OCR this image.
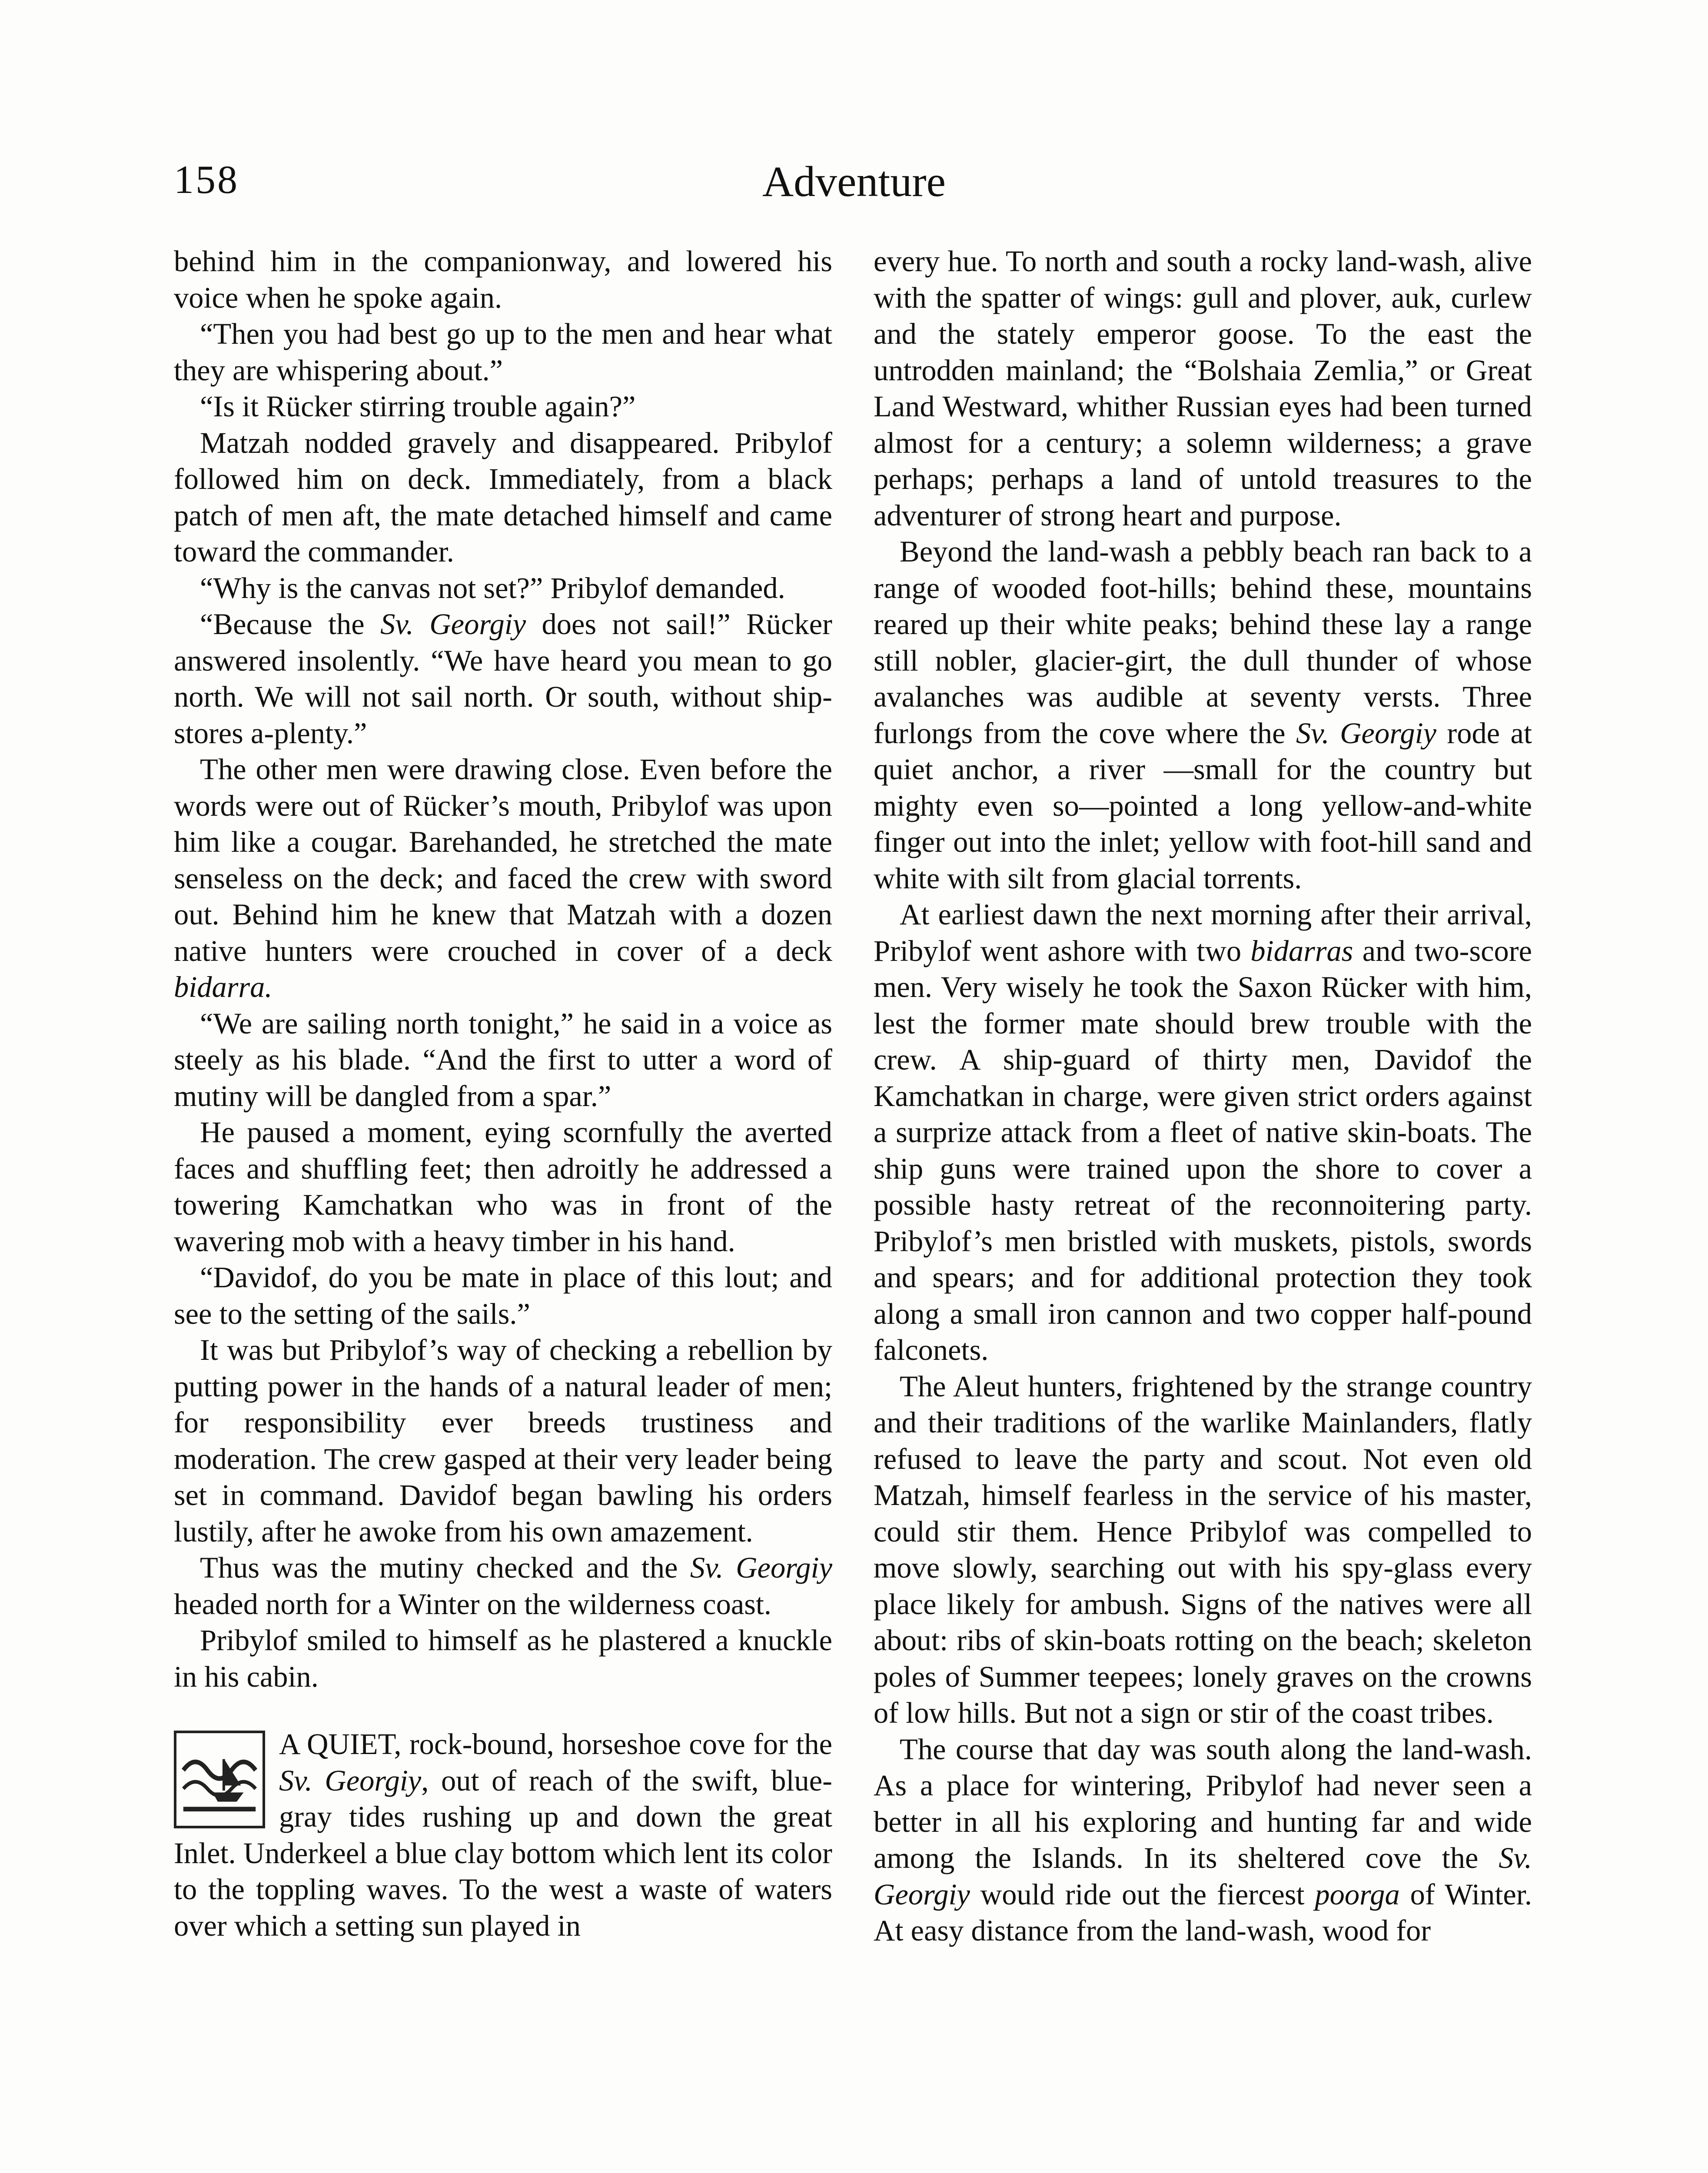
158	Adventure

behind him in the companionway, and lowered his voice when he spoke again.

“Then you had best go up to the men and hear what they are whispering about.”

“Is it Rücker stirring trouble again?”

Matzah nodded gravely and disappeared. Pribylof followed him on deck. Immediately, from a black patch of men aft, the mate detached himself and came toward the commander.

“Why is the canvas not set?” Pribylof demanded.

“Because the Sv. Georgiy does not sail!” Rücker answered insolently. “We have heard you mean to go north. We will not sail north. Or south, without ship-stores a-plenty.”

The other men were drawing close. Even before the words were out of Rücker’s mouth, Pribylof was upon him like a cougar. Barehanded, he stretched the mate senseless on the deck; and faced the crew with sword out. Behind him he knew that Matzah with a dozen native hunters were crouched in cover of a deck bidarra.

“We are sailing north tonight,” he said in a voice as steely as his blade. “And the first to utter a word of mutiny will be dangled from a spar.”

He paused a moment, eying scornfully the averted faces and shuffling feet; then adroitly he addressed a towering Kamchatkan who was in front of the wavering mob with a heavy timber in his hand.

“Davidof, do you be mate in place of this lout; and see to the setting of the sails.”

It was but Pribylof’s way of checking a rebellion by putting power in the hands of a natural leader of men; for responsibility ever breeds trustiness and moderation. The crew gasped at their very leader being set in command. Davidof began bawling his orders lustily, after he awoke from his own amazement.

Thus was the mutiny checked and the Sv. Georgiy headed north for a Winter on the wilderness coast.

Pribylof smiled to himself as he plastered a knuckle in his cabin.

A QUIET, rock-bound, horseshoe cove for the Sv. Georgiy, out of reach of the swift, blue-gray tides rushing up and down the great Inlet. Underkeel a blue clay bottom which lent its color to the toppling waves. To the west a waste of waters over which a setting sun played in

every hue. To north and south a rocky land-wash, alive with the spatter of wings: gull and plover, auk, curlew and the stately emperor goose. To the east the untrodden mainland; the “Bolshaia Zemlia,” or Great Land Westward, whither Russian eyes had been turned almost for a century; a solemn wilderness; a grave perhaps; perhaps a land of untold treasures to the adventurer of strong heart and purpose.

Beyond the land-wash a pebbly beach ran back to a range of wooded foot-hills; behind these, mountains reared up their white peaks; behind these lay a range still nobler, glacier-girt, the dull thunder of whose avalanches was audible at seventy versts. Three furlongs from the cove where the Sv. Georgiy rode at quiet anchor, a river —small for the country but mighty even so—pointed a long yellow-and-white finger out into the inlet; yellow with foot-hill sand and white with silt from glacial torrents.

At earliest dawn the next morning after their arrival, Pribylof went ashore with two bidarras and two-score men. Very wisely he took the Saxon Rücker with him, lest the former mate should brew trouble with the crew. A ship-guard of thirty men, Davidof the Kamchatkan in charge, were given strict orders against a surprize attack from a fleet of native skin-boats. The ship guns were trained upon the shore to cover a possible hasty retreat of the reconnoitering party. Pribylof’s men bristled with muskets, pistols, swords and spears; and for additional protection they took along a small iron cannon and two copper half-pound falconets.

The Aleut hunters, frightened by the strange country and their traditions of the warlike Mainlanders, flatly refused to leave the party and scout. Not even old Matzah, himself fearless in the service of his master, could stir them. Hence Pribylof was compelled to move slowly, searching out with his spy-glass every place likely for ambush. Signs of the natives were all about: ribs of skin-boats rotting on the beach; skeleton poles of Summer teepees; lonely graves on the crowns of low hills. But not a sign or stir of the coast tribes.

The course that day was south along the land-wash. As a place for wintering, Pribylof had never seen a better in all his exploring and hunting far and wide among the Islands. In its sheltered cove the Sv. Georgiy would ride out the fiercest poorga of Winter. At easy distance from the land-wash, wood for
